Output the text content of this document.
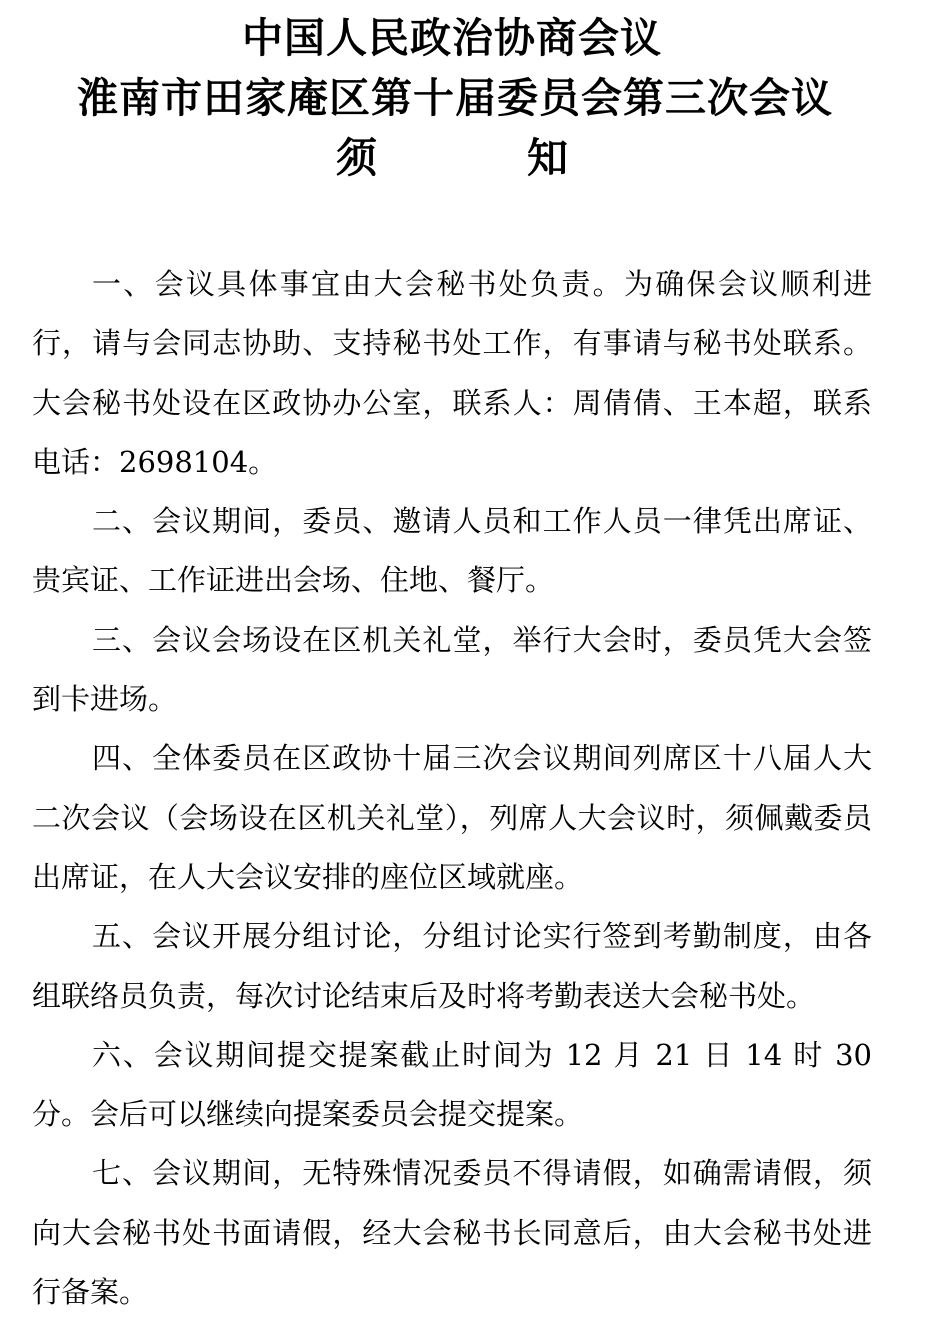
中国人民政治协商会议
淮南市田家庵区第十届委员会第三次会议
须	知

一、会议具体事宜由大会秘书处负责。为确保会议顺利进行，请与会同志协助、支持秘书处工作，有事请与秘书处联系。大会秘书处设在区政协办公室，联系人：周倩倩、王本超，联系电话：2698104。

二、会议期间，委员、邀请人员和工作人员一律凭出席证、贵宾证、工作证进出会场、住地、餐厅。

三、会议会场设在区机关礼堂，举行大会时，委员凭大会签到卡进场。

四、全体委员在区政协十届三次会议期间列席区十八届人大二次会议（会场设在区机关礼堂），列席人大会议时，须佩戴委员出席证，在人大会议安排的座位区域就座。

五、会议开展分组讨论，分组讨论实行签到考勤制度，由各组联络员负责，每次讨论结束后及时将考勤表送大会秘书处。

六、会议期间提交提案截止时间为 12 月 21 日 14 时 30 分。会后可以继续向提案委员会提交提案。

七、会议期间，无特殊情况委员不得请假，如确需请假，须向大会秘书处书面请假，经大会秘书长同意后，由大会秘书处进行备案。
